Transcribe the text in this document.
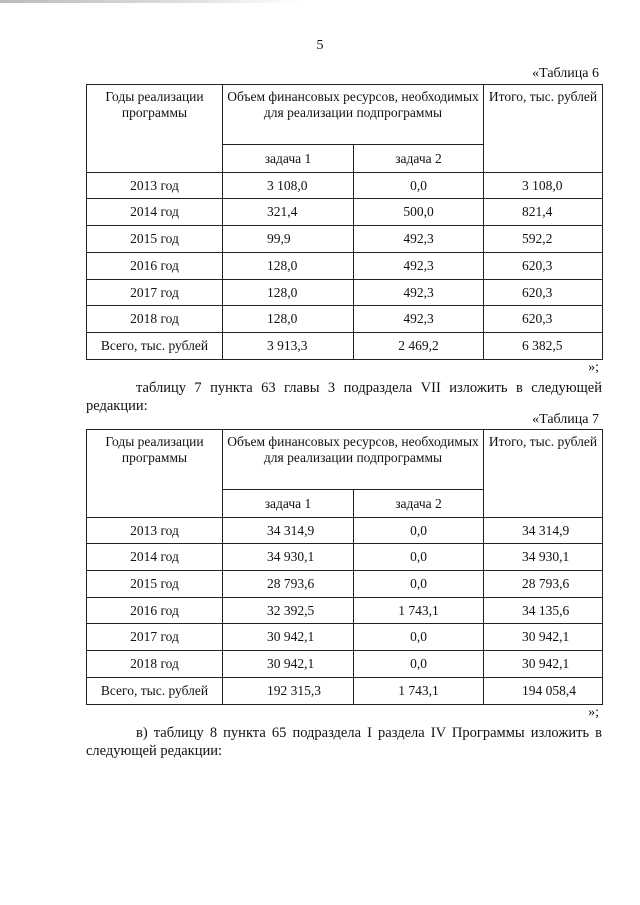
5
«Таблица 6
Годы реализации программы	Объем финансовых ресурсов, необходимых для реализации подпрограммы		Итого, тыс. рублей
	задача 1	задача 2	
2013 год	3 108,0	0,0	3 108,0
2014 год	321,4	500,0	821,4
2015 год	99,9	492,3	592,2
2016 год	128,0	492,3	620,3
2017 год	128,0	492,3	620,3
2018 год	128,0	492,3	620,3
Всего, тыс. рублей	3 913,3	2 469,2	6 382,5
»;
таблицу 7 пункта 63 главы 3 подраздела VII изложить в следующей редакции:
«Таблица 7
Годы реализации программы	Объем финансовых ресурсов, необходимых для реализации подпрограммы		Итого, тыс. рублей
	задача 1	задача 2	
2013 год	34 314,9	0,0	34 314,9
2014 год	34 930,1	0,0	34 930,1
2015 год	28 793,6	0,0	28 793,6
2016 год	32 392,5	1 743,1	34 135,6
2017 год	30 942,1	0,0	30 942,1
2018 год	30 942,1	0,0	30 942,1
Всего, тыс. рублей	192 315,3	1 743,1	194 058,4
»;
в) таблицу 8 пункта 65 подраздела I раздела IV Программы изложить в следующей редакции:
